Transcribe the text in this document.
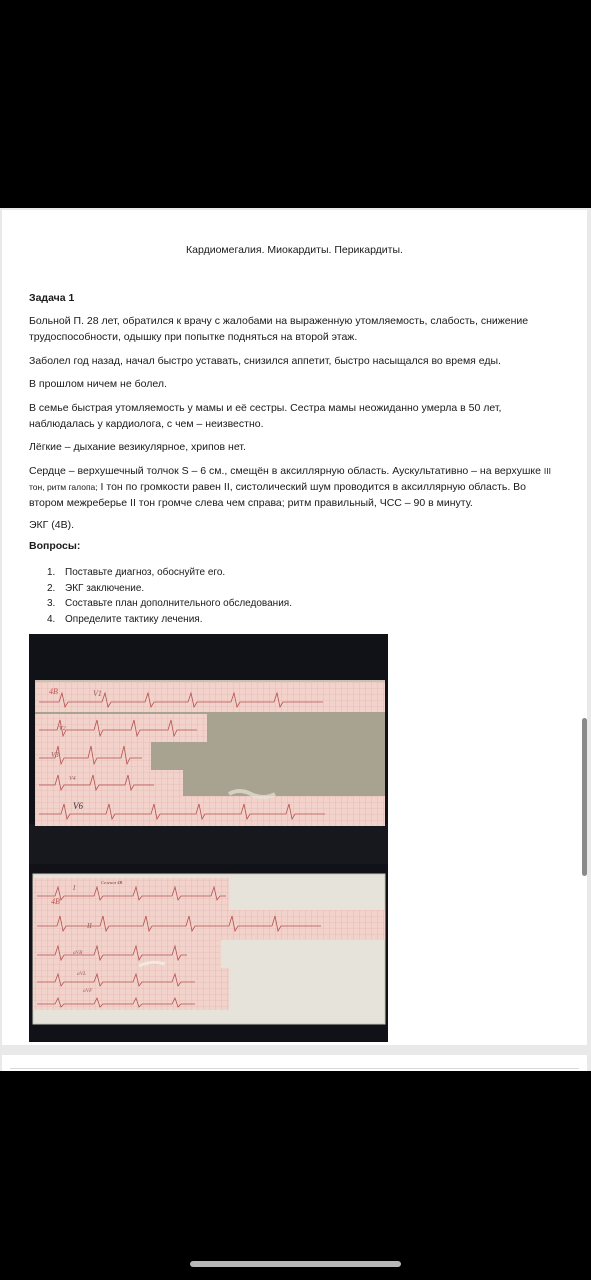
Кардиомегалия. Миокардиты. Перикардиты.
Задача 1
Больной П. 28 лет, обратился к врачу с жалобами на выраженную утомляемость, слабость, снижение трудоспособности, одышку при попытке подняться на второй этаж.
Заболел год назад, начал быстро уставать, снизился аппетит, быстро насыщался во время еды.
В прошлом ничем не болел.
В семье быстрая утомляемость у мамы и её сестры. Сестра мамы неожиданно умерла в 50 лет, наблюдалась у кардиолога, с чем – неизвестно.
Лёгкие – дыхание везикулярное, хрипов нет.
Сердце – верхушечный толчок S – 6 см., смещён в аксиллярную область. Аускультативно – на верхушке III тон, ритм галопа; I тон по громкости равен II, систолический шум проводится в аксиллярную область. Во втором межреберье II тон громче слева чем справа; ритм правильный, ЧСС – 90 в минуту.
ЭКГ (4В).
Вопросы:
1. Поставьте диагноз, обоснуйте его.
2. ЭКГ заключение.
3. Составьте план дополнительного обследования.
4. Определите тактику лечения.
4В	V1
V2
V3
V4
V6
4В
I
II
aVR
aVL
aVF
Селеноз 4В
